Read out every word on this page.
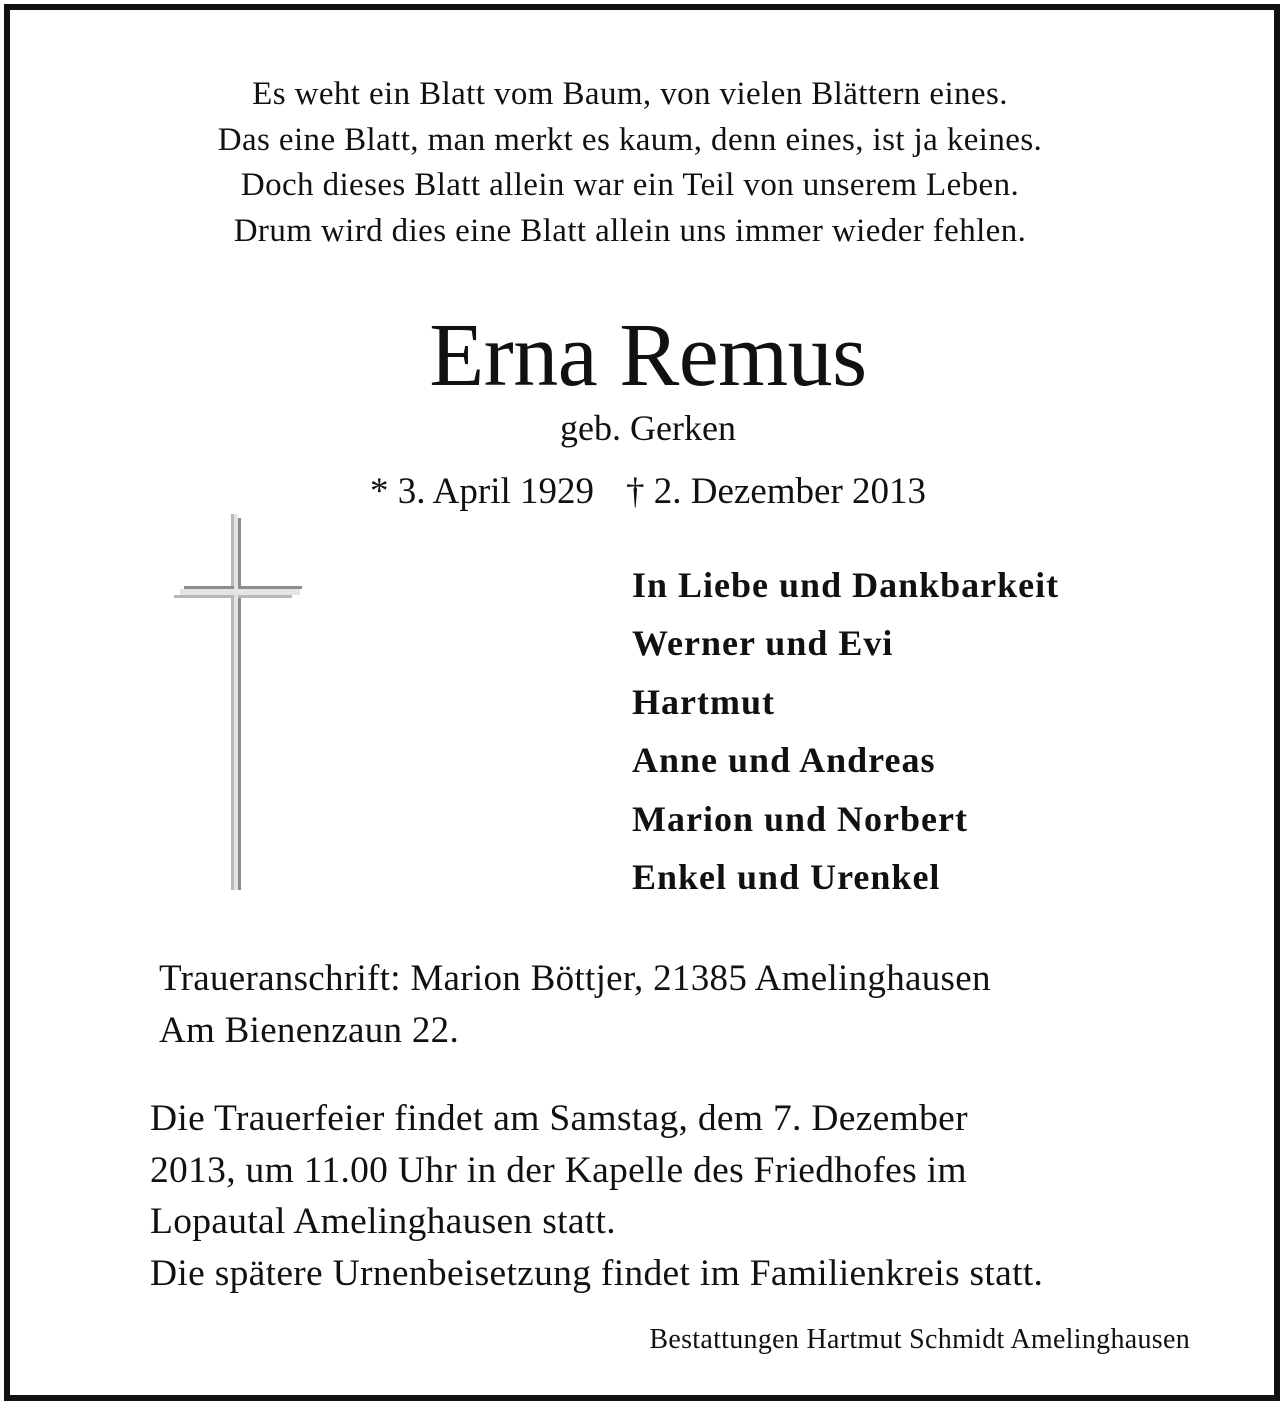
Es weht ein Blatt vom Baum, von vielen Blättern eines.
Das eine Blatt, man merkt es kaum, denn eines, ist ja keines.
Doch dieses Blatt allein war ein Teil von unserem Leben.
Drum wird dies eine Blatt allein uns immer wieder fehlen.
Erna Remus
geb. Gerken
* 3. April 1929 † 2. Dezember 2013
In Liebe und Dankbarkeit
Werner und Evi
Hartmut
Anne und Andreas
Marion und Norbert
Enkel und Urenkel
Traueranschrift: Marion Böttjer, 21385 Amelinghausen
Am Bienenzaun 22.
Die Trauerfeier findet am Samstag, dem 7. Dezember
2013, um 11.00 Uhr in der Kapelle des Friedhofes im
Lopautal Amelinghausen statt.
Die spätere Urnenbeisetzung findet im Familienkreis statt.
Bestattungen Hartmut Schmidt Amelinghausen
